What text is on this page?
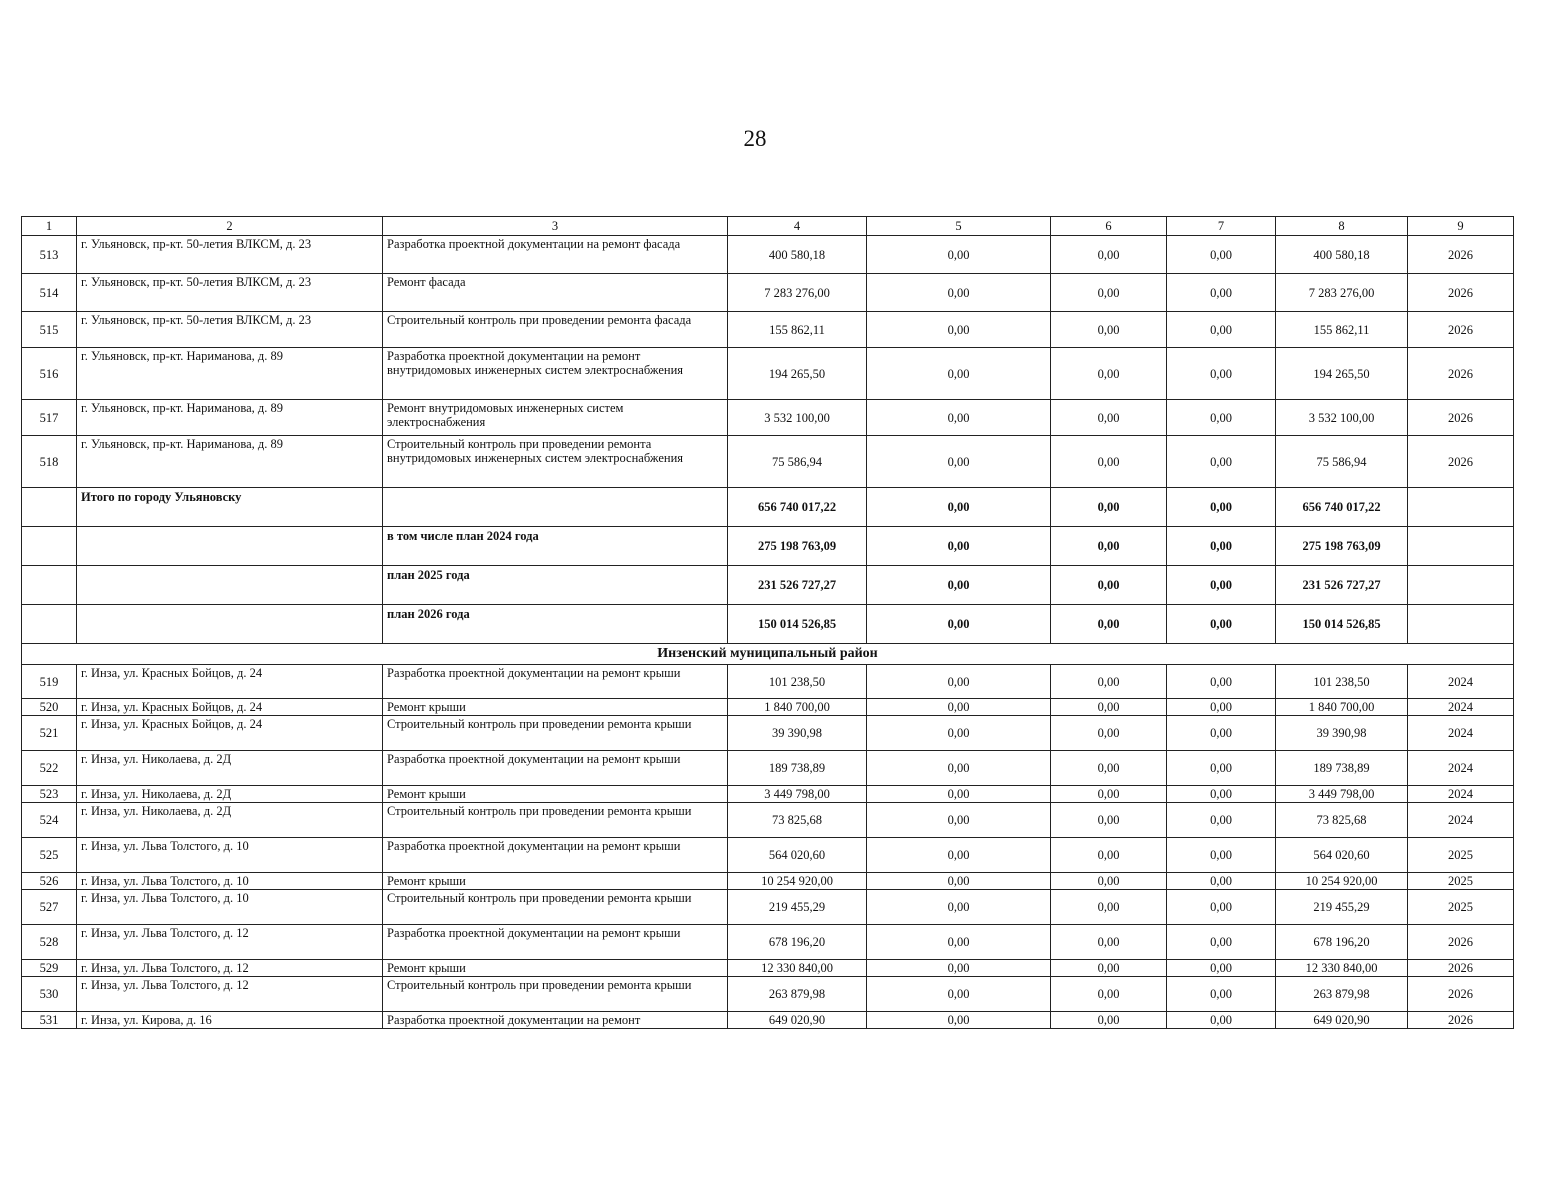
28
1	2	3	4	5	6	7	8	9
513	г. Ульяновск, пр-кт. 50-летия ВЛКСМ, д. 23	Разработка проектной документации на ремонт фасада	400 580,18	0,00	0,00	0,00	400 580,18	2026
514	г. Ульяновск, пр-кт. 50-летия ВЛКСМ, д. 23	Ремонт фасада	7 283 276,00	0,00	0,00	0,00	7 283 276,00	2026
515	г. Ульяновск, пр-кт. 50-летия ВЛКСМ, д. 23	Строительный контроль при проведении ремонта фасада	155 862,11	0,00	0,00	0,00	155 862,11	2026
516	г. Ульяновск, пр-кт. Нариманова, д. 89	Разработка проектной документации на ремонт внутридомовых инженерных систем электроснабжения	194 265,50	0,00	0,00	0,00	194 265,50	2026
517	г. Ульяновск, пр-кт. Нариманова, д. 89	Ремонт внутридомовых инженерных систем электроснабжения	3 532 100,00	0,00	0,00	0,00	3 532 100,00	2026
518	г. Ульяновск, пр-кт. Нариманова, д. 89	Строительный контроль при проведении ремонта внутридомовых инженерных систем электроснабжения	75 586,94	0,00	0,00	0,00	75 586,94	2026
	Итого по городу Ульяновску		656 740 017,22	0,00	0,00	0,00	656 740 017,22	
		в том числе план 2024 года	275 198 763,09	0,00	0,00	0,00	275 198 763,09	
		план 2025 года	231 526 727,27	0,00	0,00	0,00	231 526 727,27	
		план 2026 года	150 014 526,85	0,00	0,00	0,00	150 014 526,85	
Инзенский муниципальный район								
519	г. Инза, ул. Красных Бойцов, д. 24	Разработка проектной документации на ремонт крыши	101 238,50	0,00	0,00	0,00	101 238,50	2024
520	г. Инза, ул. Красных Бойцов, д. 24	Ремонт крыши	1 840 700,00	0,00	0,00	0,00	1 840 700,00	2024
521	г. Инза, ул. Красных Бойцов, д. 24	Строительный контроль при проведении ремонта крыши	39 390,98	0,00	0,00	0,00	39 390,98	2024
522	г. Инза, ул. Николаева, д. 2Д	Разработка проектной документации на ремонт крыши	189 738,89	0,00	0,00	0,00	189 738,89	2024
523	г. Инза, ул. Николаева, д. 2Д	Ремонт крыши	3 449 798,00	0,00	0,00	0,00	3 449 798,00	2024
524	г. Инза, ул. Николаева, д. 2Д	Строительный контроль при проведении ремонта крыши	73 825,68	0,00	0,00	0,00	73 825,68	2024
525	г. Инза, ул. Льва Толстого, д. 10	Разработка проектной документации на ремонт крыши	564 020,60	0,00	0,00	0,00	564 020,60	2025
526	г. Инза, ул. Льва Толстого, д. 10	Ремонт крыши	10 254 920,00	0,00	0,00	0,00	10 254 920,00	2025
527	г. Инза, ул. Льва Толстого, д. 10	Строительный контроль при проведении ремонта крыши	219 455,29	0,00	0,00	0,00	219 455,29	2025
528	г. Инза, ул. Льва Толстого, д. 12	Разработка проектной документации на ремонт крыши	678 196,20	0,00	0,00	0,00	678 196,20	2026
529	г. Инза, ул. Льва Толстого, д. 12	Ремонт крыши	12 330 840,00	0,00	0,00	0,00	12 330 840,00	2026
530	г. Инза, ул. Льва Толстого, д. 12	Строительный контроль при проведении ремонта крыши	263 879,98	0,00	0,00	0,00	263 879,98	2026
531	г. Инза, ул. Кирова, д. 16	Разработка проектной документации на ремонт	649 020,90	0,00	0,00	0,00	649 020,90	2026
